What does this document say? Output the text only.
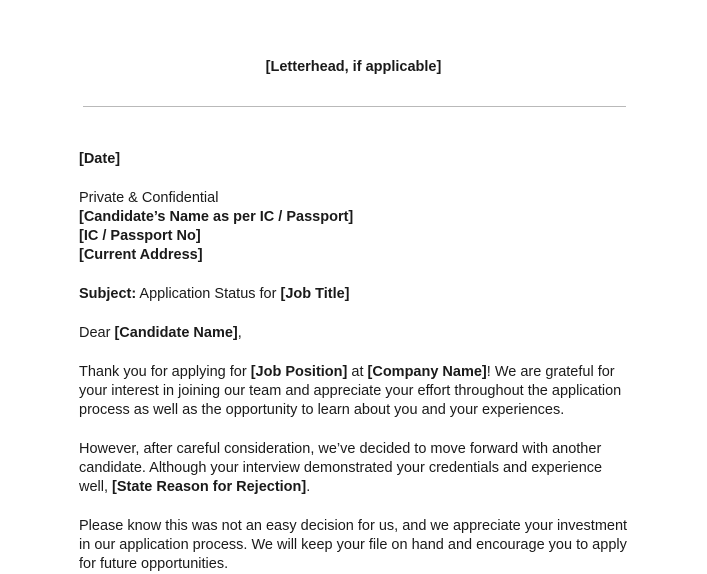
[Letterhead, if applicable]
[Date]
Private & Confidential
[Candidate’s Name as per IC / Passport]
[IC / Passport No]
[Current Address]
Subject: Application Status for [Job Title]
Dear [Candidate Name],
Thank you for applying for [Job Position] at [Company Name]! We are grateful for
your interest in joining our team and appreciate your effort throughout the application
process as well as the opportunity to learn about you and your experiences.
However, after careful consideration, we’ve decided to move forward with another
candidate. Although your interview demonstrated your credentials and experience
well, [State Reason for Rejection].
Please know this was not an easy decision for us, and we appreciate your investment
in our application process. We will keep your file on hand and encourage you to apply
for future opportunities.
